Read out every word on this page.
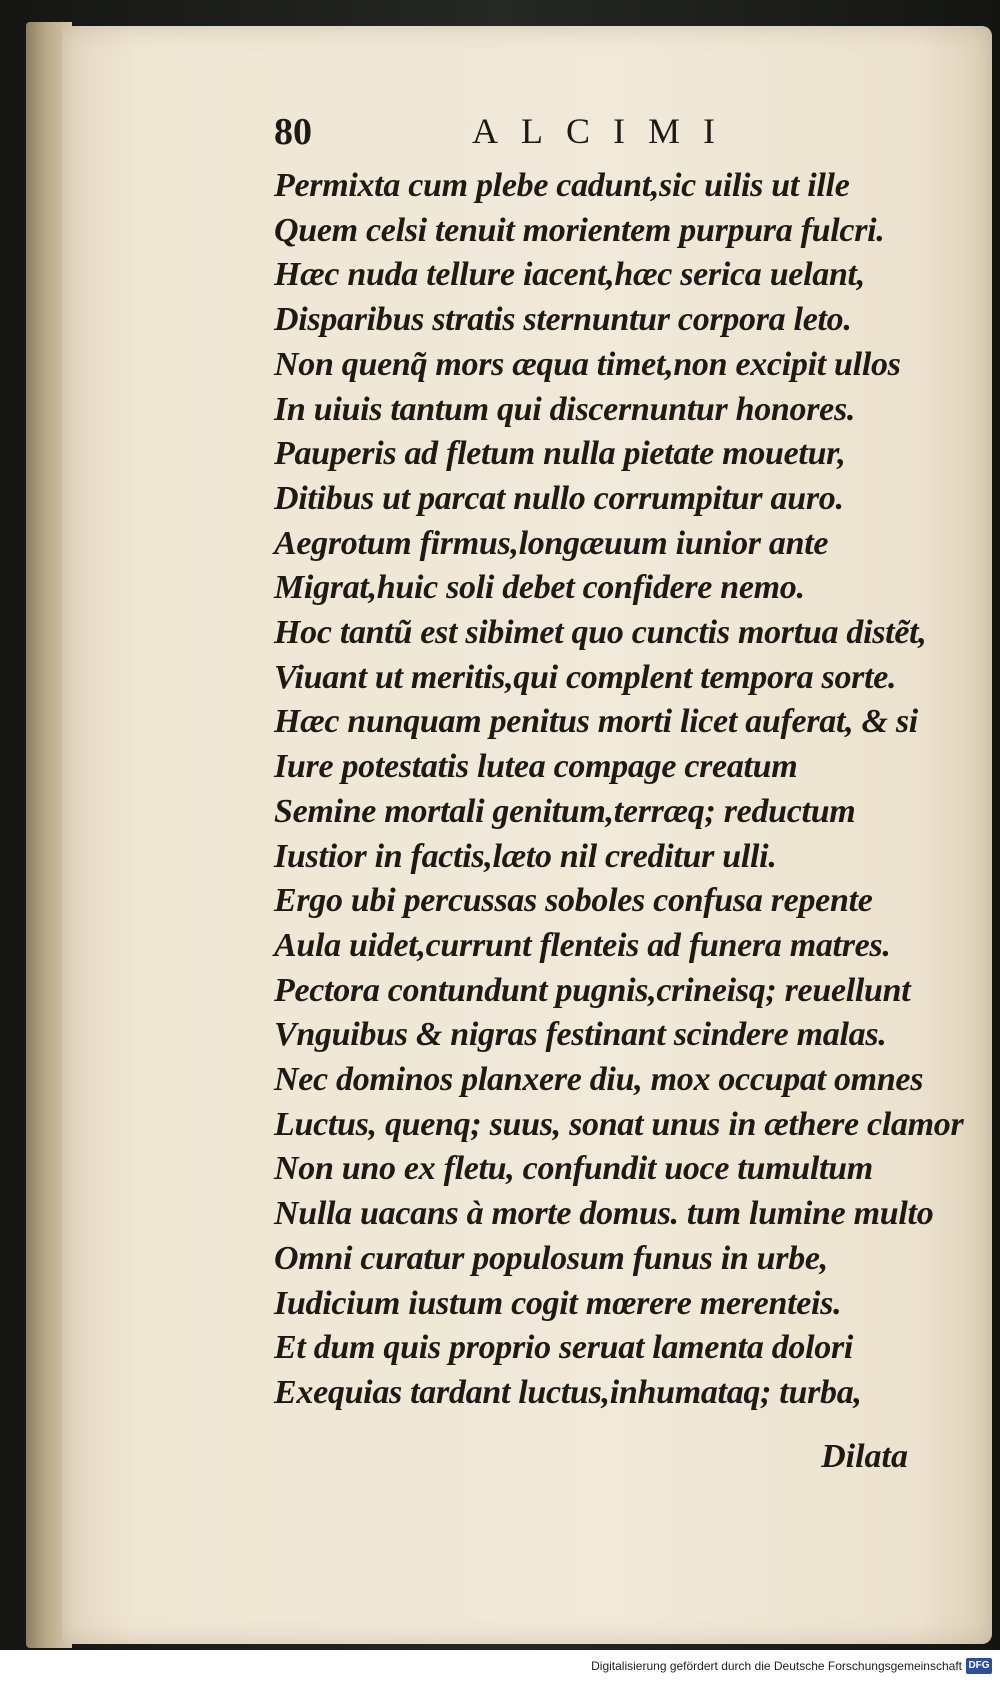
80	ALCIMI
Permixta cum plebe cadunt,sic uilis ut ille
Quem celsi tenuit morientem purpura fulcri.
Hæc nuda tellure iacent,hæc serica uelant,
Disparibus stratis sternuntur corpora leto.
Non quenq̃ mors æqua timet,non excipit ullos
In uiuis tantum qui discernuntur honores.
Pauperis ad fletum nulla pietate mouetur,
Ditibus ut parcat nullo corrumpitur auro.
Aegrotum firmus,longæuum iunior ante
Migrat,huic soli debet confidere nemo.
Hoc tantũ est sibimet quo cunctis mortua distẽt,
Viuant ut meritis,qui complent tempora sorte.
Hæc nunquam penitus morti licet auferat, & si
Iure potestatis lutea compage creatum
Semine mortali genitum,terræq; reductum
Iustior in factis,læto nil creditur ulli.
Ergo ubi percussas soboles confusa repente
Aula uidet,currunt flenteis ad funera matres.
Pectora contundunt pugnis,crineisq; reuellunt
Vnguibus & nigras festinant scindere malas.
Nec dominos planxere diu, mox occupat omnes
Luctus, quenq; suus, sonat unus in æthere clamor
Non uno ex fletu, confundit uoce tumultum
Nulla uacans à morte domus. tum lumine multo
Omni curatur populosum funus in urbe,
Iudicium iustum cogit mœrere merenteis.
Et dum quis proprio seruat lamenta dolori
Exequias tardant luctus,inhumataq; turba,
Dilata
Digitalisierung gefördert durch die Deutsche Forschungsgemeinschaft DFG
